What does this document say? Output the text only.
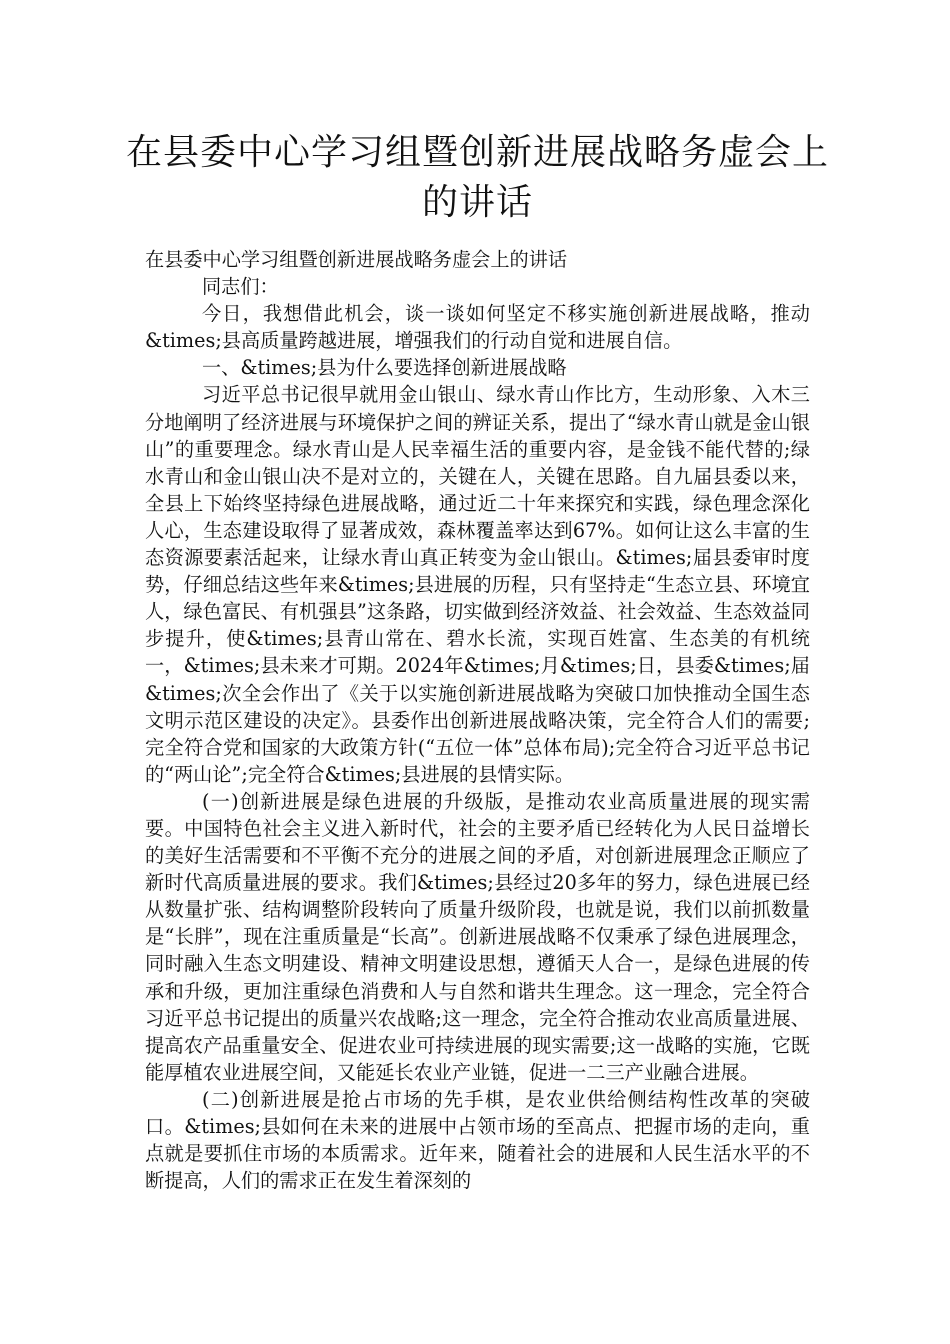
在县委中心学习组暨创新进展战略务虚会上的讲话

在县委中心学习组暨创新进展战略务虚会上的讲话

同志们：

今日，我想借此机会，谈一谈如何坚定不移实施创新进展战略，推动&times;县高质量跨越进展，增强我们的行动自觉和进展自信。

一、&times;县为什么要选择创新进展战略

习近平总书记很早就用金山银山、绿水青山作比方，生动形象、入木三分地阐明了经济进展与环境保护之间的辨证关系，提出了“绿水青山就是金山银山”的重要理念。绿水青山是人民幸福生活的重要内容，是金钱不能代替的;绿水青山和金山银山决不是对立的，关键在人，关键在思路。自九届县委以来，全县上下始终坚持绿色进展战略，通过近二十年来探究和实践，绿色理念深化人心，生态建设取得了显著成效，森林覆盖率达到67%。如何让这么丰富的生态资源要素活起来，让绿水青山真正转变为金山银山。&times;届县委审时度势，仔细总结这些年来&times;县进展的历程，只有坚持走“生态立县、环境宜人，绿色富民、有机强县”这条路，切实做到经济效益、社会效益、生态效益同步提升，使&times;县青山常在、碧水长流，实现百姓富、生态美的有机统一，&times;县未来才可期。2024年&times;月&times;日，县委&times;届&times;次全会作出了《关于以实施创新进展战略为突破口加快推动全国生态文明示范区建设的决定》。县委作出创新进展战略决策，完全符合人们的需要;完全符合党和国家的大政策方针(“五位一体”总体布局);完全符合习近平总书记的“两山论”;完全符合&times;县进展的县情实际。

(一)创新进展是绿色进展的升级版，是推动农业高质量进展的现实需要。中国特色社会主义进入新时代，社会的主要矛盾已经转化为人民日益增长的美好生活需要和不平衡不充分的进展之间的矛盾，对创新进展理念正顺应了新时代高质量进展的要求。我们&times;县经过20多年的努力，绿色进展已经从数量扩张、结构调整阶段转向了质量升级阶段，也就是说，我们以前抓数量是“长胖”，现在注重质量是“长高”。创新进展战略不仅秉承了绿色进展理念，同时融入生态文明建设、精神文明建设思想，遵循天人合一，是绿色进展的传承和升级，更加注重绿色消费和人与自然和谐共生理念。这一理念，完全符合习近平总书记提出的质量兴农战略;这一理念，完全符合推动农业高质量进展、提高农产品重量安全、促进农业可持续进展的现实需要;这一战略的实施，它既能厚植农业进展空间，又能延长农业产业链，促进一二三产业融合进展。

(二)创新进展是抢占市场的先手棋，是农业供给侧结构性改革的突破口。&times;县如何在未来的进展中占领市场的至高点、把握市场的走向，重点就是要抓住市场的本质需求。近年来，随着社会的进展和人民生活水平的不断提高，人们的需求正在发生着深刻的
